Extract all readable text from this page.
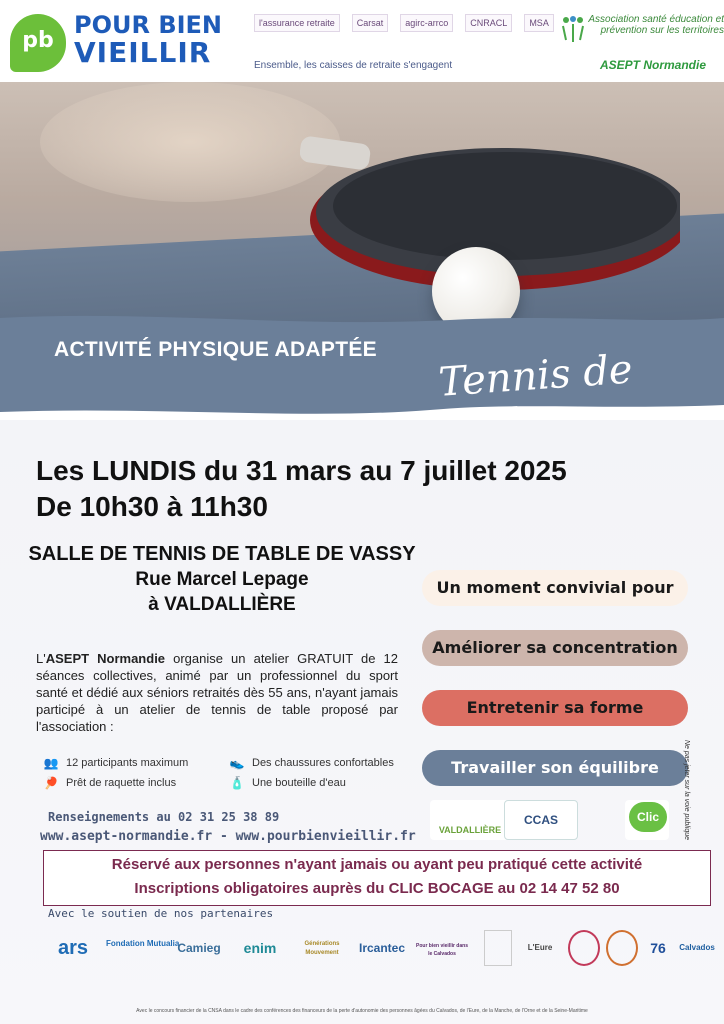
pb
POUR BIEN
VIEILLIR
l'assurance retraite	Carsat	agirc-arrco	CNRACL	MSA
Ensemble, les caisses de retraite s'engagent
Association santé éducation et prévention sur les territoires
ASEPT Normandie
ACTIVITÉ PHYSIQUE ADAPTÉE
Tennis de
Les LUNDIS du 31 mars au 7 juillet 2025
De 10h30 à 11h30
SALLE DE TENNIS DE TABLE DE VASSY
Rue Marcel Lepage
à VALDALLIÈRE
Un moment convivial pour
Améliorer sa concentration
Entretenir sa forme
Travailler son équilibre
L'ASEPT Normandie organise un atelier GRATUIT de 12 séances collectives, animé par un professionnel du sport santé et dédié aux séniors retraités dès 55 ans, n'ayant jamais participé à un atelier de tennis de table proposé par l'association :
👥 12 participants maximum	👟 Des chaussures confortables
🏓 Prêt de raquette inclus	🧴 Une bouteille d'eau
Renseignements au 02 31 25 38 89
www.asept-normandie.fr - www.pourbienvieillir.fr	VALDALLIÈRE
CCAS	Clic	Ne pas jeter sur la voie publique
Réservé aux personnes n'ayant jamais ou ayant peu pratiqué cette activité
Inscriptions obligatoires auprès du CLIC BOCAGE au 02 14 47 52 80
Avec le soutien de nos partenaires
ars	Fondation Mutualia
Camieg	enim	Générations Mouvement	Ircantec	Pour bien vieillir dans le Calvados
L'Eure	76	Calvados
Avec le concours financier de la CNSA dans le cadre des conférences des financeurs de la perte d'autonomie des personnes âgées du Calvados, de l'Eure, de la Manche, de l'Orne et de la Seine-Maritime
